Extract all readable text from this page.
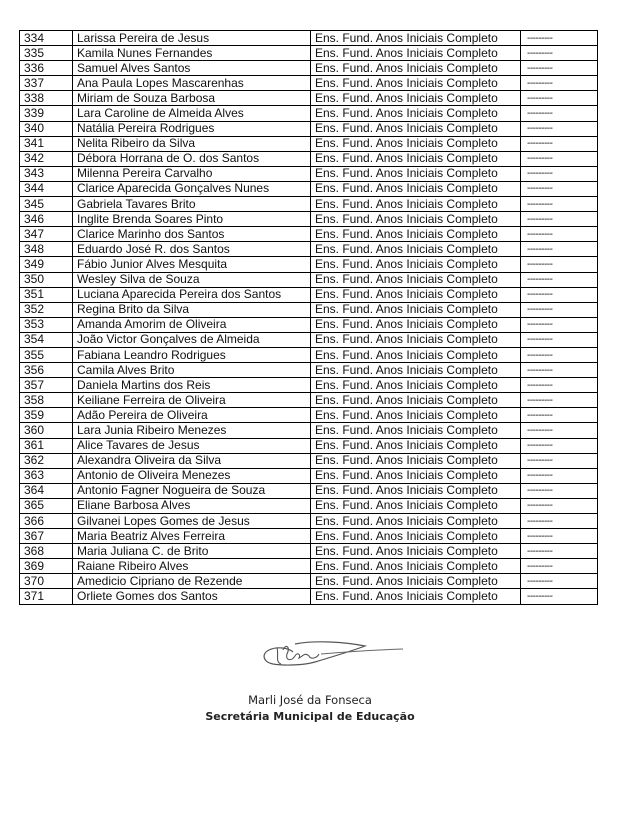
334	Larissa Pereira de Jesus	Ens. Fund. Anos Iniciais Completo	---------
335	Kamila Nunes Fernandes	Ens. Fund. Anos Iniciais Completo	---------
336	Samuel Alves Santos	Ens. Fund. Anos Iniciais Completo	---------
337	Ana Paula Lopes Mascarenhas	Ens. Fund. Anos Iniciais Completo	---------
338	Miriam de Souza Barbosa	Ens. Fund. Anos Iniciais Completo	---------
339	Lara Caroline de Almeida Alves	Ens. Fund. Anos Iniciais Completo	---------
340	Natália Pereira Rodrigues	Ens. Fund. Anos Iniciais Completo	---------
341	Nelita Ribeiro da Silva	Ens. Fund. Anos Iniciais Completo	---------
342	Débora Horrana de O. dos Santos	Ens. Fund. Anos Iniciais Completo	---------
343	Milenna Pereira Carvalho	Ens. Fund. Anos Iniciais Completo	---------
344	Clarice Aparecida Gonçalves Nunes	Ens. Fund. Anos Iniciais Completo	---------
345	Gabriela Tavares Brito	Ens. Fund. Anos Iniciais Completo	---------
346	Inglite Brenda Soares Pinto	Ens. Fund. Anos Iniciais Completo	---------
347	Clarice Marinho dos Santos	Ens. Fund. Anos Iniciais Completo	---------
348	Eduardo José R. dos Santos	Ens. Fund. Anos Iniciais Completo	---------
349	Fábio Junior Alves Mesquita	Ens. Fund. Anos Iniciais Completo	---------
350	Wesley Silva de Souza	Ens. Fund. Anos Iniciais Completo	---------
351	Luciana Aparecida Pereira dos Santos	Ens. Fund. Anos Iniciais Completo	---------
352	Regina Brito da Silva	Ens. Fund. Anos Iniciais Completo	---------
353	Amanda Amorim de Oliveira	Ens. Fund. Anos Iniciais Completo	---------
354	João Victor Gonçalves de Almeida	Ens. Fund. Anos Iniciais Completo	---------
355	Fabiana Leandro Rodrigues	Ens. Fund. Anos Iniciais Completo	---------
356	Camila Alves Brito	Ens. Fund. Anos Iniciais Completo	---------
357	Daniela Martins dos Reis	Ens. Fund. Anos Iniciais Completo	---------
358	Keiliane Ferreira de Oliveira	Ens. Fund. Anos Iniciais Completo	---------
359	Adão Pereira de Oliveira	Ens. Fund. Anos Iniciais Completo	---------
360	Lara Junia Ribeiro Menezes	Ens. Fund. Anos Iniciais Completo	---------
361	Alice Tavares de Jesus	Ens. Fund. Anos Iniciais Completo	---------
362	Alexandra Oliveira da Silva	Ens. Fund. Anos Iniciais Completo	---------
363	Antonio de Oliveira Menezes	Ens. Fund. Anos Iniciais Completo	---------
364	Antonio Fagner Nogueira de Souza	Ens. Fund. Anos Iniciais Completo	---------
365	Eliane Barbosa Alves	Ens. Fund. Anos Iniciais Completo	---------
366	Gilvanei Lopes Gomes de Jesus	Ens. Fund. Anos Iniciais Completo	---------
367	Maria Beatriz Alves Ferreira	Ens. Fund. Anos Iniciais Completo	---------
368	Maria Juliana C. de Brito	Ens. Fund. Anos Iniciais Completo	---------
369	Raiane Ribeiro Alves	Ens. Fund. Anos Iniciais Completo	---------
370	Amedicio Cipriano de Rezende	Ens. Fund. Anos Iniciais Completo	---------
371	Orliete Gomes dos Santos	Ens. Fund. Anos Iniciais Completo	---------
Marli José da Fonseca
Secretária Municipal de Educação
